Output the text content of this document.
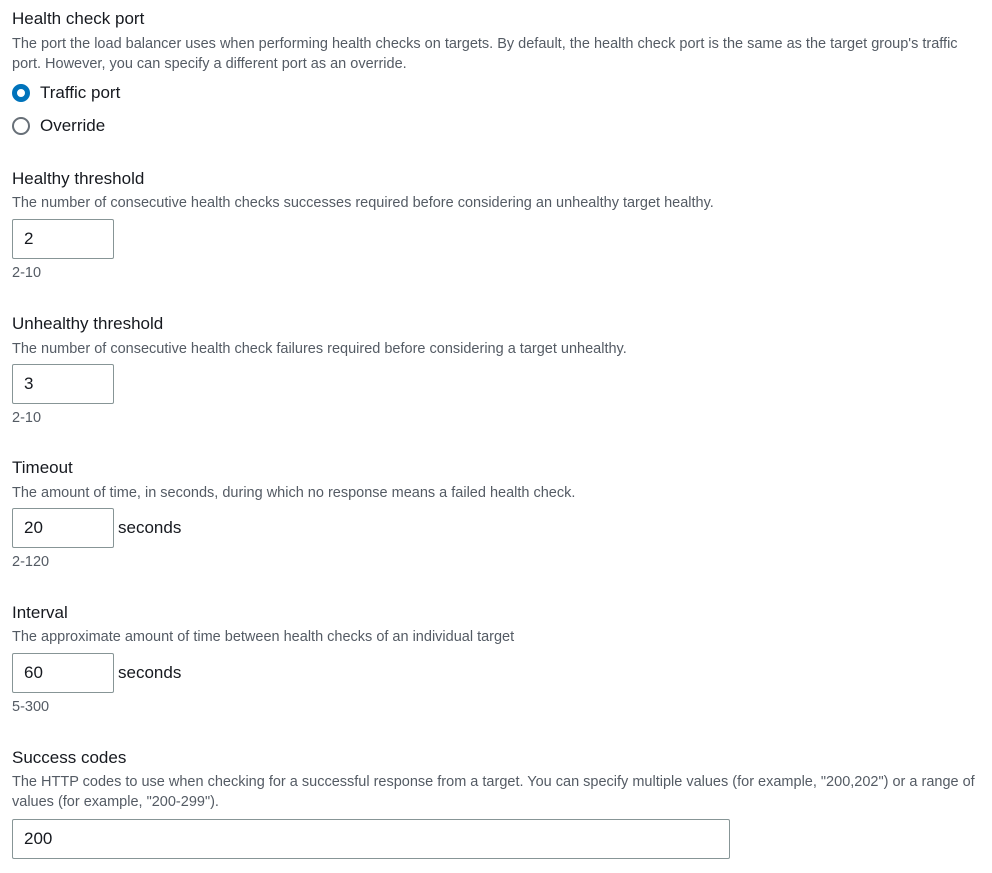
Health check port
The port the load balancer uses when performing health checks on targets. By default, the health check port is the same as the target group's traffic port. However, you can specify a different port as an override.
Traffic port
Override
Healthy threshold
The number of consecutive health checks successes required before considering an unhealthy target healthy.
2
2-10
Unhealthy threshold
The number of consecutive health check failures required before considering a target unhealthy.
3
2-10
Timeout
The amount of time, in seconds, during which no response means a failed health check.
20
seconds
2-120
Interval
The approximate amount of time between health checks of an individual target
60
seconds
5-300
Success codes
The HTTP codes to use when checking for a successful response from a target. You can specify multiple values (for example, "200,202") or a range of values (for example, "200-299").
200
